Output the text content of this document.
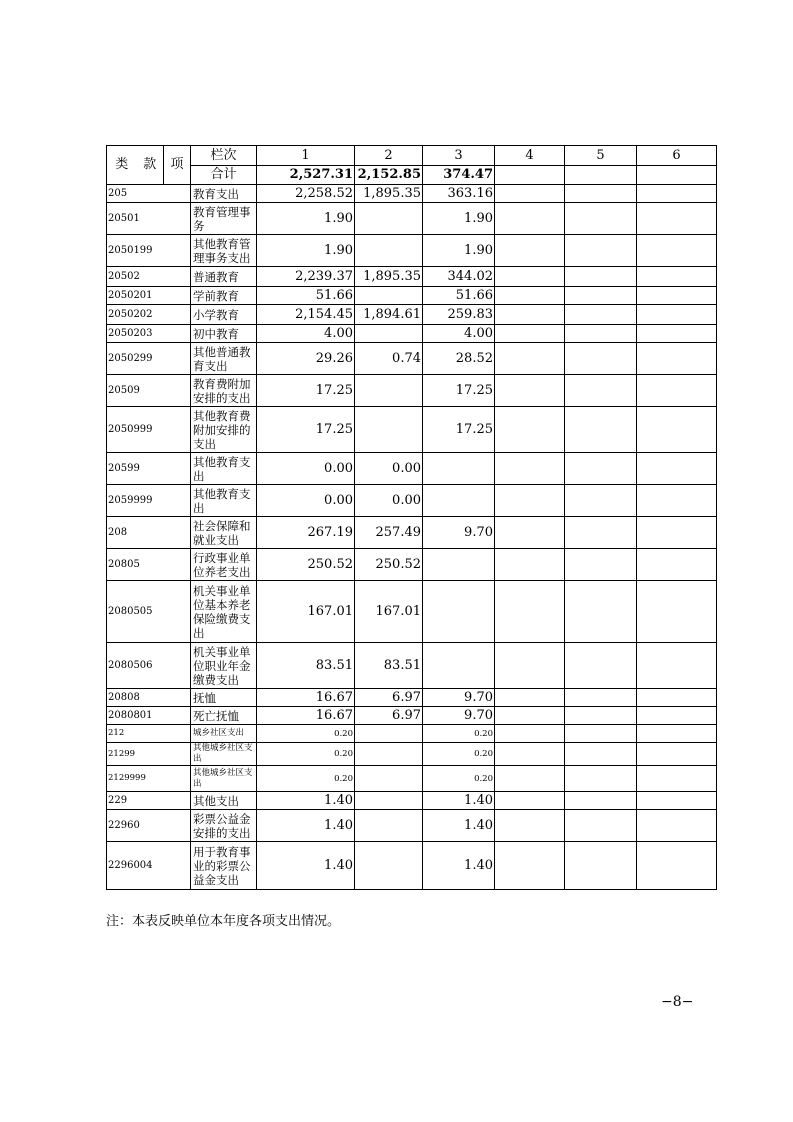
类	款	项	栏次	1	2	3	4	5	6
			合计	2,527.31	2,152.85	374.47			
205			教育支出	2,258.52	1,895.35	363.16			
20501			教育管理事务	1.90		1.90			
2050199			其他教育管理事务支出	1.90		1.90			
20502			普通教育	2,239.37	1,895.35	344.02			
2050201			学前教育	51.66		51.66			
2050202			小学教育	2,154.45	1,894.61	259.83			
2050203			初中教育	4.00		4.00			
2050299			其他普通教育支出	29.26	0.74	28.52			
20509			教育费附加安排的支出	17.25		17.25			
2050999			其他教育费附加安排的支出	17.25		17.25			
20599			其他教育支出	0.00	0.00				
2059999			其他教育支出	0.00	0.00				
208			社会保障和就业支出	267.19	257.49	9.70			
20805			行政事业单位养老支出	250.52	250.52				
2080505			机关事业单位基本养老保险缴费支出	167.01	167.01				
2080506			机关事业单位职业年金缴费支出	83.51	83.51				
20808			抚恤	16.67	6.97	9.70			
2080801			死亡抚恤	16.67	6.97	9.70			
212			城乡社区支出	0.20		0.20			
21299			其他城乡社区支出	0.20		0.20			
2129999			其他城乡社区支出	0.20		0.20			
229			其他支出	1.40		1.40			
22960			彩票公益金安排的支出	1.40		1.40			
2296004			用于教育事业的彩票公益金支出	1.40		1.40			
注：本表反映单位本年度各项支出情况。
−8−
